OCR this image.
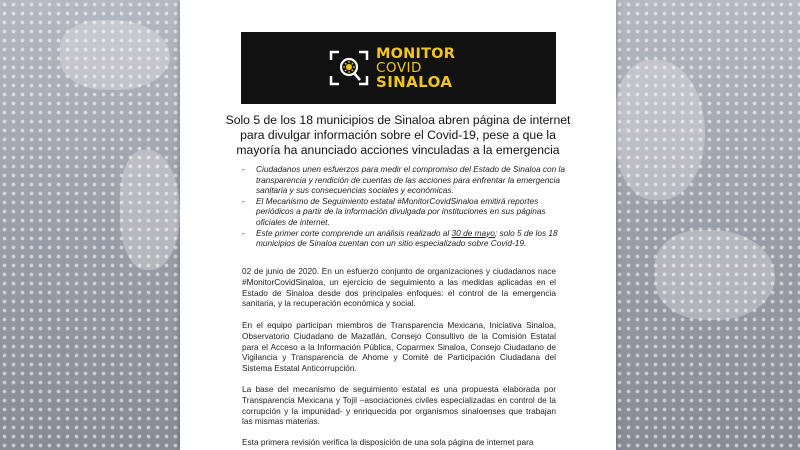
MONITOR
COVID
SINALOA
Solo 5 de los 18 municipios de Sinaloa abren página de internet para divulgar información sobre el Covid-19, pese a que la mayoría ha anunciado acciones vinculadas a la emergencia
- Ciudadanos unen esfuerzos para medir el compromiso del Estado de Sinaloa con la transparencia y rendición de cuentas de las acciones para enfrentar la emergencia sanitaria y sus consecuencias sociales y económicas.
- El Mecanismo de Seguimiento estatal #MonitorCovidSinaloa emitirá reportes periódicos a partir de la información divulgada por instituciones en sus páginas oficiales de internet.
- Este primer corte comprende un análisis realizado al 30 de mayo; solo 5 de los 18 municipios de Sinaloa cuentan con un sitio especializado sobre Covid-19.
02 de junio de 2020. En un esfuerzo conjunto de organizaciones y ciudadanos nace #MonitorCovidSinaloa, un ejercicio de seguimiento a las medidas aplicadas en el Estado de Sinaloa desde dos principales enfoques: el control de la emergencia sanitaria, y la recuperación económica y social.
En el equipo participan miembros de Transparencia Mexicana, Iniciativa Sinaloa, Observatorio Ciudadano de Mazatlán, Consejo Consultivo de la Comisión Estatal para el Acceso a la Información Pública, Coparmex Sinaloa, Consejo Ciudadano de Vigilancia y Transparencia de Ahome y Comité de Participación Ciudadana del Sistema Estatal Anticorrupción.
La base del mecanismo de seguimiento estatal es una propuesta elaborada por Transparencia Mexicana y Tojil –asociaciones civiles especializadas en control de la corrupción y la impunidad- y enriquecida por organismos sinaloenses que trabajan las mismas materias.
Esta primera revisión verifica la disposición de una sola página de internet para
